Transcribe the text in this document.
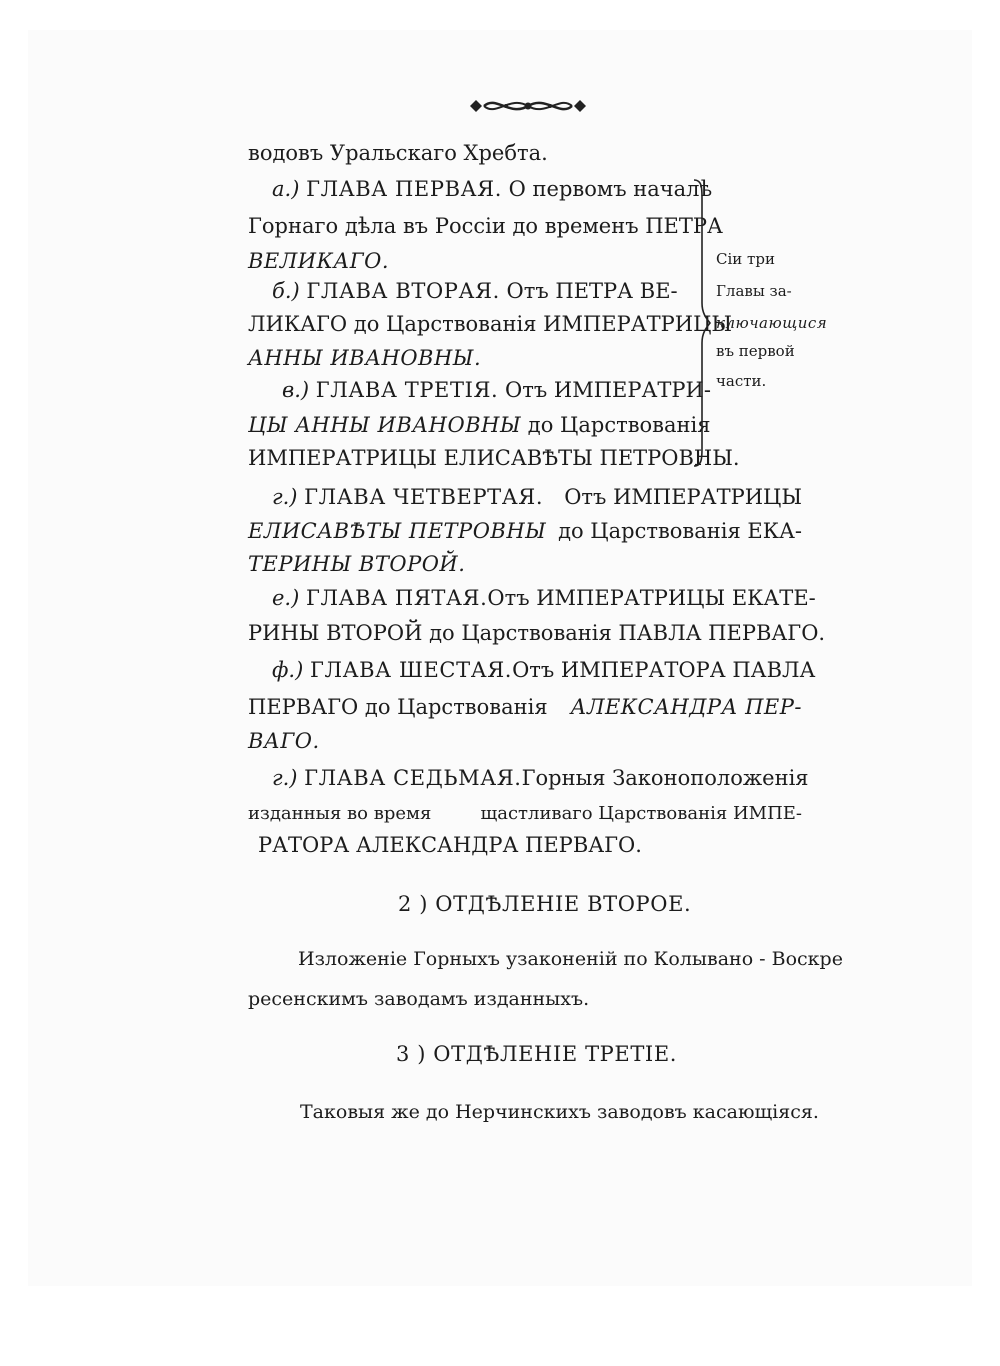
водовъ Уральскаго Хребта.
а.) ГЛАВА ПЕРВАЯ. О первомъ началѣ
Горнаго дѣла въ Россіи до временъ ПЕТРА
ВЕЛИКАГО.
б.) ГЛАВА ВТОРАЯ. Отъ ПЕТРА ВЕ-
ЛИКАГО до Царствованія ИМПЕРАТРИЦЫ
АННЫ ИВАНОВНЫ.
в.) ГЛАВА ТРЕТІЯ. Отъ ИМПЕРАТРИ-
ЦЫ АННЫ ИВАНОВНЫ до Царствованія
ИМПЕРАТРИЦЫ ЕЛИСАВѢТЫ ПЕТРОВНЫ.
Сіи три
Главы за-
ключающися
въ первой
части.
г.) ГЛАВА ЧЕТВЕРТАЯ. Отъ ИМПЕРАТРИЦЫ
ЕЛИСАВѢТЫ ПЕТРОВНЫ до Царствованія ЕКА-
ТЕРИНЫ ВТОРОЙ.
е.) ГЛАВА ПЯТАЯ. Отъ ИМПЕРАТРИЦЫ ЕКАТЕ-
РИНЫ ВТОРОЙ до Царствованія ПАВЛА ПЕРВАГО.
ф.) ГЛАВА ШЕСТАЯ. Отъ ИМПЕРАТОРА ПАВЛА
ПЕРВАГО до Царствованія АЛЕКСАНДРА ПЕР-
ВАГО.
г.) ГЛАВА СЕДЬМАЯ. Горныя Законоположенія
изданныя во время	щастливаго Царствованія ИМПЕ-
РАТОРА АЛЕКСАНДРА ПЕРВАГО.
2 ) ОТДѢЛЕНІЕ ВТОРОЕ.
Изложеніе Горныхъ узаконеній по Колывано - Воскре
ресенскимъ заводамъ изданныхъ.
3 ) ОТДѢЛЕНІЕ ТРЕТІЕ.
Таковыя же до Нерчинскихъ заводовъ касающіяся.
